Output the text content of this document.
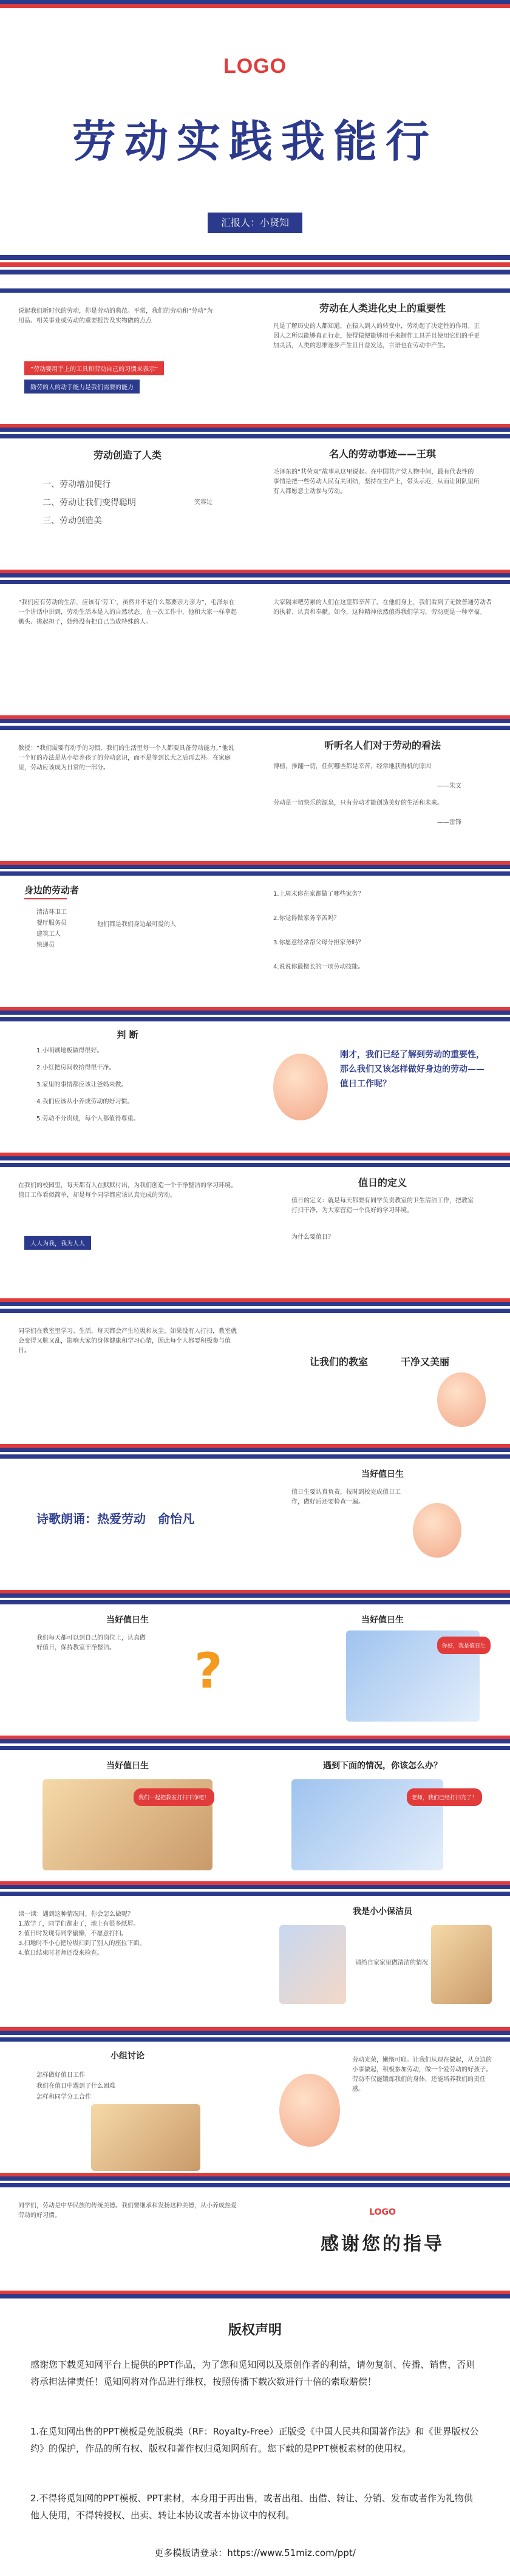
LOGO
劳动实践我能行
汇报人：小贤知
说起我们新时代的劳动，你是劳动的典范。平常，我们的劳动和“劳动”为用品、相关事业或劳动的重要报告及实物做的点点
“劳动要用手上的工具和劳动自己的习惯来表示”
勤劳的人的动手能力是我们需要的能力
劳动在人类进化史上的重要性
凡是了解历史的人都知道，在猿人到人的转变中，劳动起了决定性的作用。正因人之所以能够真正行走，使得猿便能够用手来制作工具并且使用它们的手更加灵活，人类的思维逐步产生且日益发达，言语也在劳动中产生。
劳动创造了人类
一、劳动增加便行
二、劳动让我们变得聪明
三、劳动创造美
笑容过
名人的劳动事迹——王琪
毛泽东的“共劳双”故事从这里说起。在中国共产党人物中间，最有代表性的事情是把一些劳动人民有关团结，坚持在生产上，带头示范，从而让团队里所有人都愿意主动参与劳动。
“我们应有劳动的生活，应该有‘劳工’，虽然并不是什么都要亲力亲为”，毛泽东在一个讲话中讲到，劳动生活本是人的自然状态。在一次工作中，他和大家一样拿起锄头、挑起担子，始终没有把自己当成特殊的人。
大家隔来吧劳累的人们在这里都辛苦了。在他们身上，我们看到了无数普通劳动者的执着、认真和奉献。如今，这种精神依然值得我们学习，劳动更是一种幸福。
教授：“我们需要有动手的习惯，我们的生活里每一个人都要具备劳动能力。”他说一个好的办法是从小培养孩子的劳动意识，而不是等到长大之后再去补。在家庭里，劳动应该成为日常的一部分。
听听名人们对于劳动的看法
博植，推翻一切，任何哪些都是幸苦，经常地获得机的原因
——朱文
劳动是一切快乐的源泉，只有劳动才能创造美好的生活和未来。
——雷锋
身边的劳动者
清洁环卫工
餐厅服务员
建筑工人
快递员
他们都是我们身边最可爱的人
1.上周末你在家都做了哪些家务？
2.你觉得做家务辛苦吗？
3.你愿意经常帮父母分担家务吗？
4.说说你最擅长的一项劳动技能。
判 断
1.小明刷地板做得很好。
2.小红把房间收拾得很干净。
3.家里的事情都应该让爸妈来做。
4.我们应该从小养成劳动的好习惯。
5.劳动不分贵贱，每个人都值得尊重。
刚才，我们已经了解到劳动的重要性，那么我们又该怎样做好身边的劳动——值日工作呢？
在我们的校园里，每天都有人在默默付出，为我们创造一个干净整洁的学习环境。值日工作看似简单，却是每个同学都应该认真完成的劳动。
人人为我，我为人人
值日的定义
值日的定义：就是每天都要有同学负责教室的卫生清洁工作，把教室打扫干净，为大家营造一个良好的学习环境。
为什么要值日？
同学们在教室里学习、生活，每天都会产生垃圾和灰尘。如果没有人打扫，教室就会变得又脏又乱，影响大家的身体健康和学习心情，因此每个人都要积极参与值日。
让我们的教室	干净又美丽
诗歌朗诵：热爱劳动　俞怡凡
当好值日生
值日生要认真负责，按时到校完成值日工作，做好后还要检查一遍。
当好值日生
我们每天都可以到自己的岗位上，认真做好值日，保持教室干净整洁。	?
当好值日生
你好，我是值日生
当好值日生
我们一起把教室打扫干净吧！
遇到下面的情况，你该怎么办？
老师，我们已经打扫完了！
读一读：遇到这种情况时，你会怎么做呢？
1.放学了，同学们都走了，地上有很多纸屑。
2.值日时发现有同学偷懒，不愿意打扫。
3.扫地时不小心把垃圾扫到了别人的座位下面。
4.值日结束时老师还没来检查。
我是小小保洁员
请给自家家里做清洁的情况
小组讨论
怎样做好值日工作
我们在值日中遇到了什么困难
怎样和同学分工合作
劳动光荣，懒惰可耻。让我们从现在做起，从身边的小事做起，积极参加劳动，做一个爱劳动的好孩子。劳动不仅能锻炼我们的身体，还能培养我们的责任感。
同学们，劳动是中华民族的传统美德。我们要继承和发扬这种美德，从小养成热爱劳动的好习惯。	LOGO
感谢您的指导
版权声明

感谢您下载觅知网平台上提供的PPT作品，为了您和觅知网以及原创作者的利益，请勿复制、传播、销售，否则将承担法律责任！觅知网将对作品进行维权，按照传播下载次数进行十倍的索取赔偿！

1.在觅知网出售的PPT模板是免版税类（RF：Royalty-Free）正版受《中国人民共和国著作法》和《世界版权公约》的保护，作品的所有权、版权和著作权归觅知网所有。您下载的是PPT模板素材的使用权。

2.不得将觅知网的PPT模板、PPT素材，本身用于再出售，或者出租、出借、转让、分销、发布或者作为礼物供他人使用，不得转授权、出卖、转让本协议或者本协议中的权利。

更多模板请登录：https://www.51miz.com/ppt/
